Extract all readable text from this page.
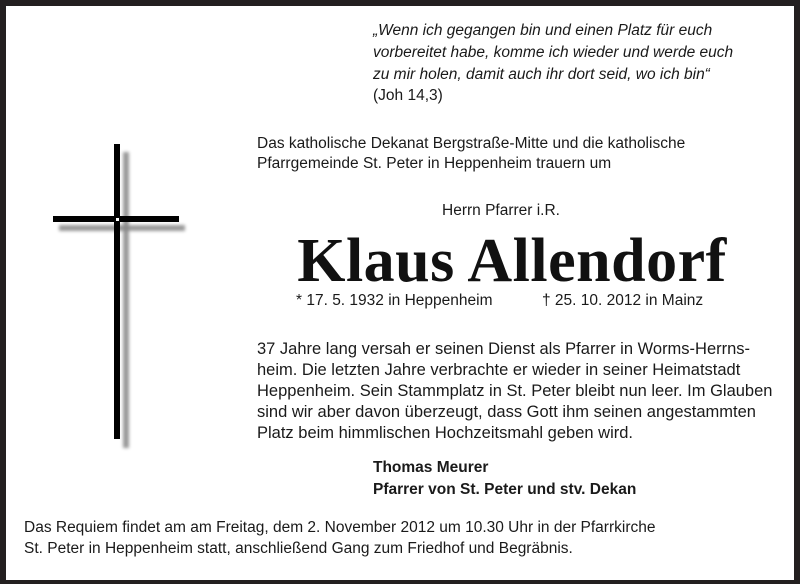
„Wenn ich gegangen bin und einen Platz für euch
vorbereitet habe, komme ich wieder und werde euch
zu mir holen, damit auch ihr dort seid, wo ich bin“
(Joh 14,3)
Das katholische Dekanat Bergstraße-Mitte und die katholische
Pfarrgemeinde St. Peter in Heppenheim trauern um
Herrn Pfarrer i.R.
Klaus Allendorf
* 17. 5. 1932 in Heppenheim	† 25. 10. 2012 in Mainz
37 Jahre lang versah er seinen Dienst als Pfarrer in Worms-Herrns-
heim. Die letzten Jahre verbrachte er wieder in seiner Heimatstadt
Heppenheim. Sein Stammplatz in St. Peter bleibt nun leer. Im Glauben
sind wir aber davon überzeugt, dass Gott ihm seinen angestammten
Platz beim himmlischen Hochzeitsmahl geben wird.
Thomas Meurer
Pfarrer von St. Peter und stv. Dekan
Das Requiem findet am am Freitag, dem 2. November 2012 um 10.30 Uhr in der Pfarrkirche
St. Peter in Heppenheim statt, anschließend Gang zum Friedhof und Begräbnis.
